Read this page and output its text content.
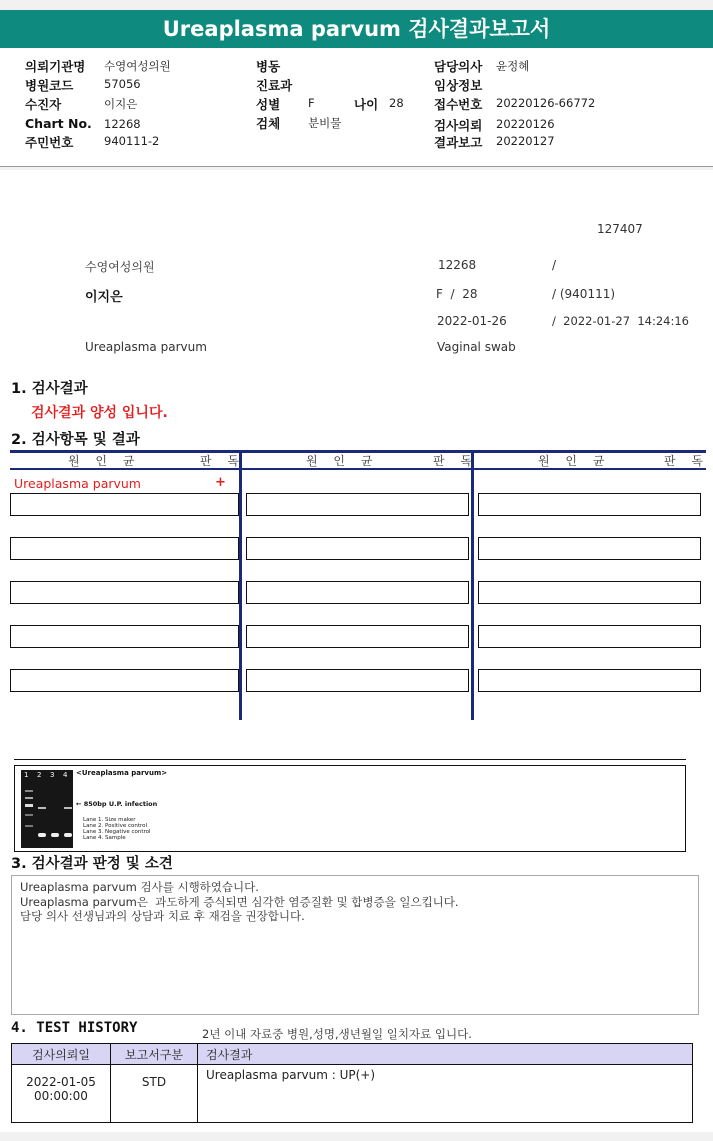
Ureaplasma parvum 검사결과보고서
의뢰기관명 수영여성의원	병동	담당의사 윤정혜
병원코드	57056	진료과	임상정보
수진자	이지은	성별 F	나이 28 접수번호 20220126-66772
Chart No. 12268	검체 분비물	검사의뢰 20220126
주민번호	940111-2	결과보고 20220127
127407
수영여성의원	12268	/
이지은	F  /  28	/ (940111)
2022-01-26	/  2022-01-27  14:24:16
Ureaplasma parvum	Vaginal swab
1. 검사결과
검사결과 양성 입니다.
2. 검사항목 및 결과
원 인 균	판 독	원 인 균	판 독	원 인 균	판 독
Ureaplasma parvum	+
1 2 3 4 <Ureaplasma parvum>
← 850bp U.P. infection
Lane 1. Size maker
Lane 2. Positive control
Lane 3. Negative control
Lane 4. Sample
3. 검사결과 판정 및 소견
Ureaplasma parvum 검사를 시행하였습니다.
Ureaplasma parvum은  과도하게 증식되면 심각한 염증질환 및 합병증을 일으킵니다.
담당 의사 선생님과의 상담과 치료 후 재검을 권장합니다.
4. TEST HISTORY	2년 이내 자료중 병원,성명,생년월일 일치자료 입니다.
검사의뢰일	보고서구분	검사결과

2022-01-05
00:00:00	STD	Ureaplasma parvum : UP(+)
